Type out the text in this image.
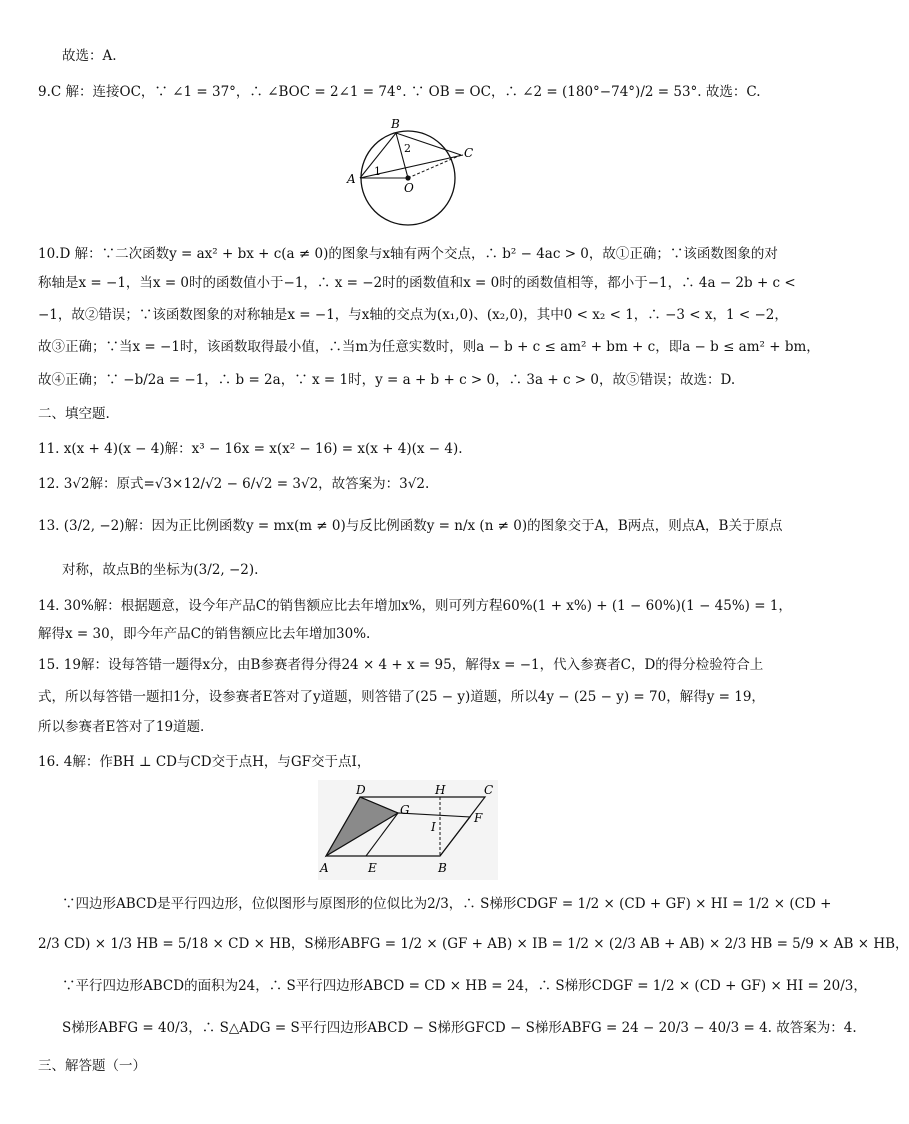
故选：A.
9.C 解：连接OC，∵ ∠1 = 37°，∴ ∠BOC = 2∠1 = 74°. ∵ OB = OC，∴ ∠2 = (180°−74°)/2 = 53°. 故选：C.
B
C
A
O
1
2
10.D 解：∵二次函数y = ax² + bx + c(a ≠ 0)的图象与x轴有两个交点，∴ b² − 4ac > 0，故①正确；∵该函数图象的对
称轴是x = −1，当x = 0时的函数值小于−1，∴ x = −2时的函数值和x = 0时的函数值相等，都小于−1，∴ 4a − 2b + c <
−1，故②错误；∵该函数图象的对称轴是x = −1，与x轴的交点为(x₁,0)、(x₂,0)，其中0 < x₂ < 1，∴ −3 < x，1 < −2，
故③正确；∵当x = −1时，该函数取得最小值，∴当m为任意实数时，则a − b + c ≤ am² + bm + c，即a − b ≤ am² + bm，
故④正确；∵ −b/2a = −1，∴ b = 2a，∵ x = 1时，y = a + b + c > 0，∴ 3a + c > 0，故⑤错误；故选：D.
二、填空题.
11. x(x + 4)(x − 4)解：x³ − 16x = x(x² − 16) = x(x + 4)(x − 4).
12. 3√2解：原式=√3×12/√2 − 6/√2 = 3√2，故答案为：3√2.
13. (3/2, −2)解：因为正比例函数y = mx(m ≠ 0)与反比例函数y = n/x (n ≠ 0)的图象交于A，B两点，则点A，B关于原点
对称，故点B的坐标为(3/2, −2).
14. 30%解：根据题意，设今年产品C的销售额应比去年增加x%，则可列方程60%(1 + x%) + (1 − 60%)(1 − 45%) = 1，
解得x = 30，即今年产品C的销售额应比去年增加30%.
15. 19解：设每答错一题得x分，由B参赛者得分得24 × 4 + x = 95，解得x = −1，代入参赛者C，D的得分检验符合上
式，所以每答错一题扣1分，设参赛者E答对了y道题，则答错了(25 − y)道题，所以4y − (25 − y) = 70，解得y = 19，
所以参赛者E答对了19道题.
16. 4解：作BH ⊥ CD与CD交于点H，与GF交于点I，
D
G
H	C
I
F
A	E	B
∵四边形ABCD是平行四边形，位似图形与原图形的位似比为2/3，∴ S梯形CDGF = 1/2 × (CD + GF) × HI = 1/2 × (CD +
2/3 CD) × 1/3 HB = 5/18 × CD × HB，S梯形ABFG = 1/2 × (GF + AB) × IB = 1/2 × (2/3 AB + AB) × 2/3 HB = 5/9 × AB × HB，
∵平行四边形ABCD的面积为24，∴ S平行四边形ABCD = CD × HB = 24，∴ S梯形CDGF = 1/2 × (CD + GF) × HI = 20/3，
S梯形ABFG = 40/3，∴ S△ADG = S平行四边形ABCD − S梯形GFCD − S梯形ABFG = 24 − 20/3 − 40/3 = 4. 故答案为：4.
三、解答题（一）
